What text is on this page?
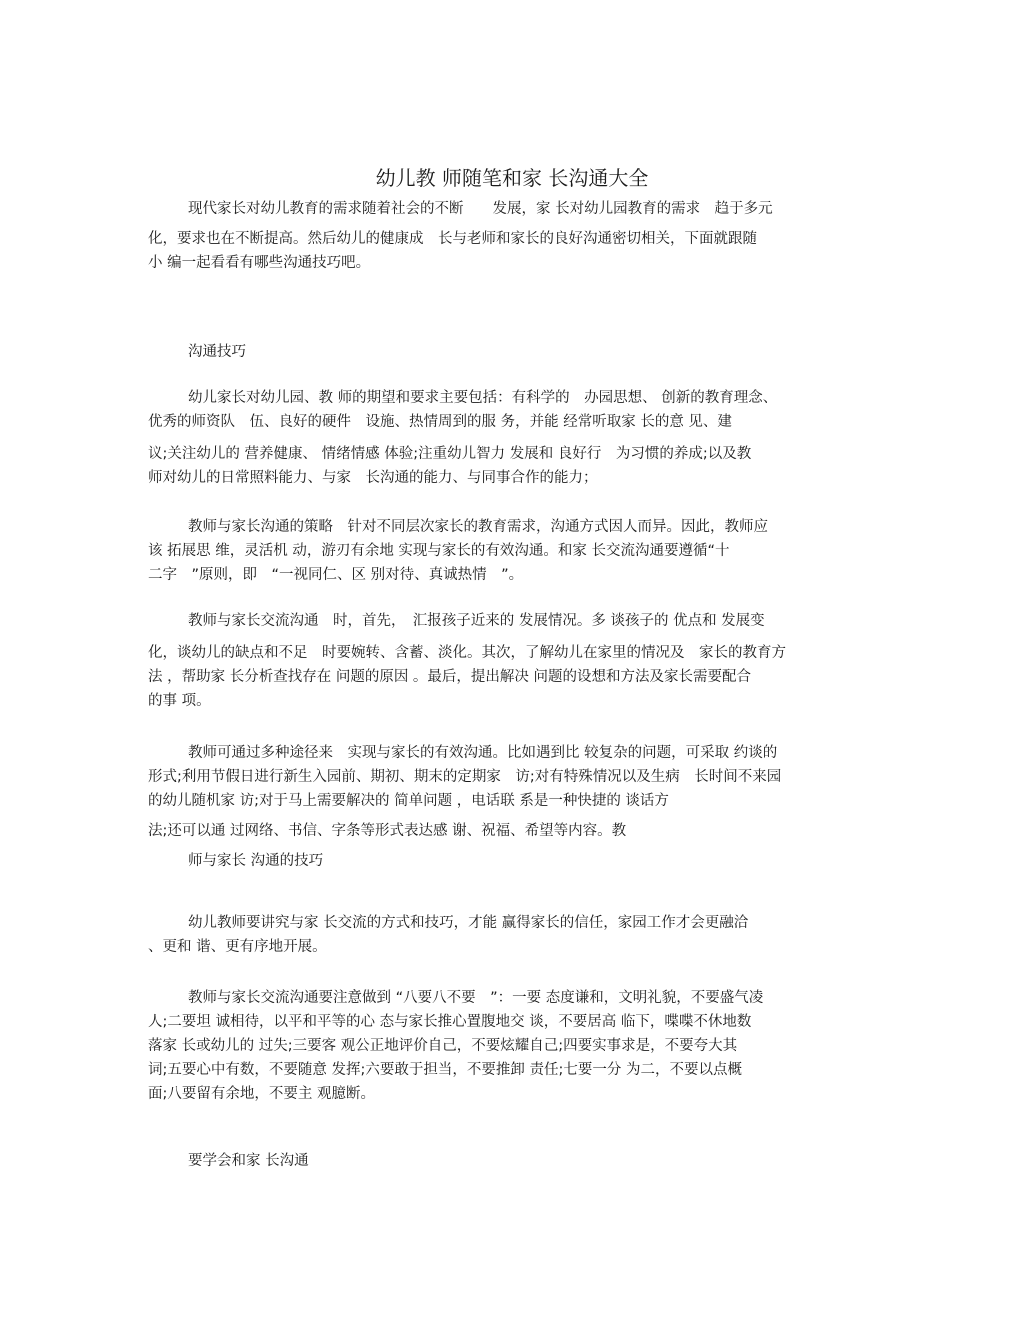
幼儿教 师随笔和家 长沟通大全
现代家长对幼儿教育的需求随着社会的不断　　发展，家 长对幼儿园教育的需求　趋于多元
化，要求也在不断提高。然后幼儿的健康成　长与老师和家长的良好沟通密切相关，下面就跟随
小 编一起看看有哪些沟通技巧吧。
沟通技巧
幼儿家长对幼儿园、教 师的期望和要求主要包括：有科学的　办园思想、 创新的教育理念、
优秀的师资队　伍、良好的硬件　设施、热情周到的服 务，并能 经常听取家 长的意 见、建
议;关注幼儿的 营养健康、 情绪情感 体验;注重幼儿智力 发展和 良好行　为习惯的养成;以及教
师对幼儿的日常照料能力、与家　长沟通的能力、与同事合作的能力；
教师与家长沟通的策略　针对不同层次家长的教育需求，沟通方式因人而异。因此，教师应
该 拓展思 维，灵活机 动，游刃有余地 实现与家长的有效沟通。和家 长交流沟通要遵循“十
二字　”原则，即　“一视同仁、区 别对待、真诚热情　”。
教师与家长交流沟通　时，首先，　汇报孩子近来的 发展情况。多 谈孩子的 优点和 发展变
化，谈幼儿的缺点和不足　时要婉转、含蓄、淡化。其次，了解幼儿在家里的情况及　家长的教育方
法 ，帮助家 长分析查找存在 问题的原因 。最后，提出解决 问题的设想和方法及家长需要配合
的事 项。
教师可通过多种途径来　实现与家长的有效沟通。比如遇到比 较复杂的问题，可采取 约谈的
形式;利用节假日进行新生入园前、期初、期末的定期家　访;对有特殊情况以及生病　长时间不来园
的幼儿随机家 访;对于马上需要解决的 简单问题 ，电话联 系是一种快捷的 谈话方
法;还可以通 过网络、书信、字条等形式表达感 谢、祝福、希望等内容。教
师与家长 沟通的技巧
幼儿教师要讲究与家 长交流的方式和技巧，才能 赢得家长的信任，家园工作才会更融洽
、更和 谐、更有序地开展。
教师与家长交流沟通要注意做到 “八要八不要　”：一要 态度谦和，文明礼貌，不要盛气凌
人;二要坦 诚相待，以平和平等的心 态与家长推心置腹地交 谈，不要居高 临下，喋喋不休地数
落家 长或幼儿的 过失;三要客 观公正地评价自己，不要炫耀自己;四要实事求是，不要夸大其
词;五要心中有数，不要随意 发挥;六要敢于担当，不要推卸 责任;七要一分 为二，不要以点概
面;八要留有余地，不要主 观臆断。
要学会和家 长沟通
